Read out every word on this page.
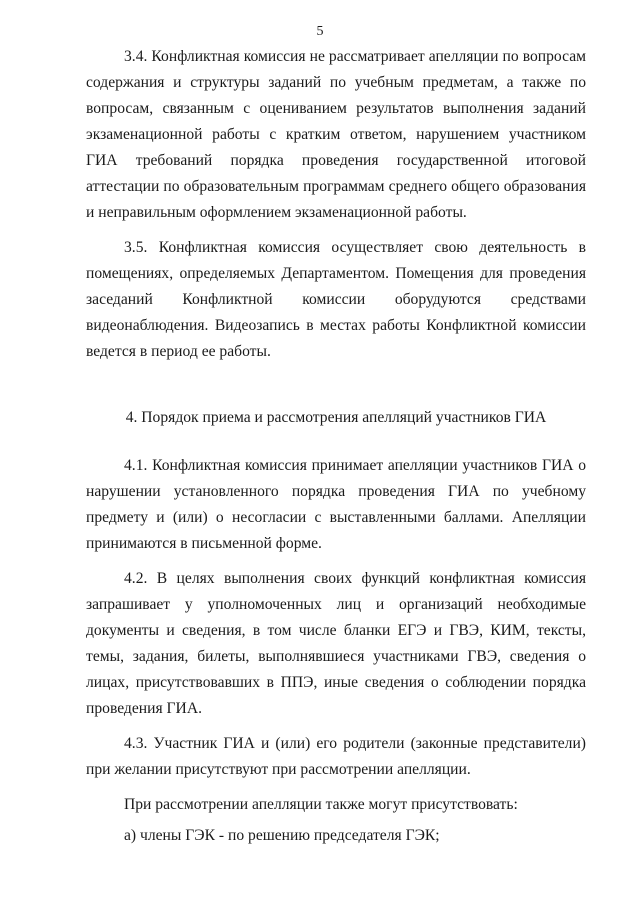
5

3.4. Конфликтная комиссия не рассматривает апелляции по вопросам содержания и структуры заданий по учебным предметам, а также по вопросам, связанным с оцениванием результатов выполнения заданий экзаменационной работы с кратким ответом, нарушением участником ГИА требований порядка проведения государственной итоговой аттестации по образовательным программам среднего общего образования и неправильным оформлением экзаменационной работы.

3.5. Конфликтная комиссия осуществляет свою деятельность в помещениях, определяемых Департаментом. Помещения для проведения заседаний Конфликтной комиссии оборудуются средствами видеонаблюдения. Видеозапись в местах работы Конфликтной комиссии ведется в период ее работы.

4. Порядок приема и рассмотрения апелляций участников ГИА

4.1. Конфликтная комиссия принимает апелляции участников ГИА о нарушении установленного порядка проведения ГИА по учебному предмету и (или) о несогласии с выставленными баллами. Апелляции принимаются в письменной форме.

4.2. В целях выполнения своих функций конфликтная комиссия запрашивает у уполномоченных лиц и организаций необходимые документы и сведения, в том числе бланки ЕГЭ и ГВЭ, КИМ, тексты, темы, задания, билеты, выполнявшиеся участниками ГВЭ, сведения о лицах, присутствовавших в ППЭ, иные сведения о соблюдении порядка проведения ГИА.

4.3. Участник ГИА и (или) его родители (законные представители) при желании присутствуют при рассмотрении апелляции.

При рассмотрении апелляции также могут присутствовать:

а) члены ГЭК - по решению председателя ГЭК;
